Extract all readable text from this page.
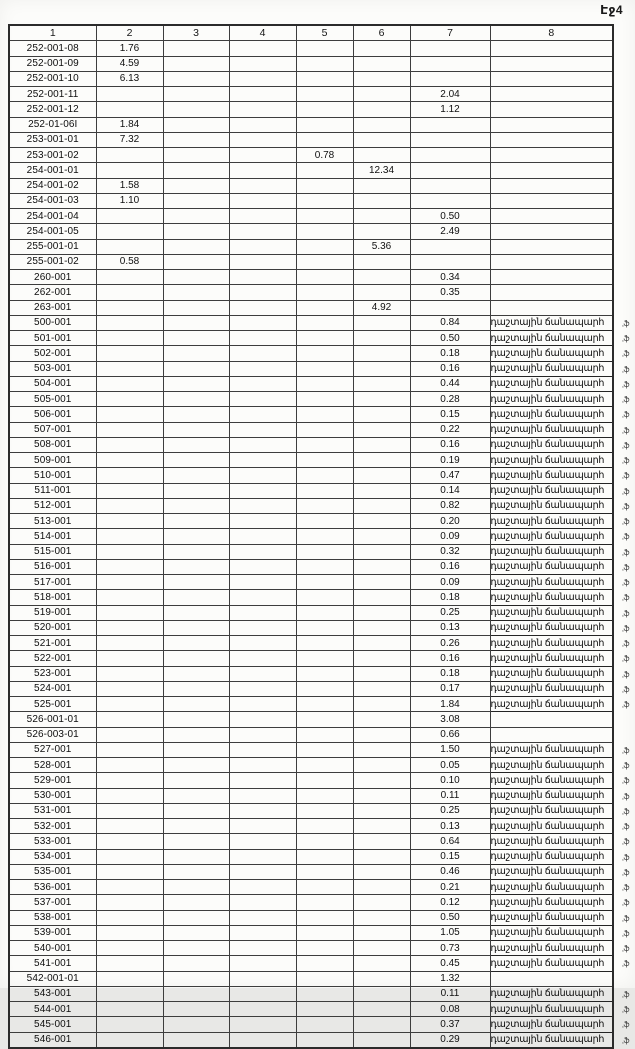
Էջ4
1	2	3	4	5	6	7	8
252-001-08	1.76						
252-001-09	4.59						
252-001-10	6.13						
252-001-11						2.04	
252-001-12						1.12	
252-01-06I	1.84						
253-001-01	7.32						
253-001-02				0.78			
254-001-01					12.34		
254-001-02	1.58						
254-001-03	1.10						
254-001-04						0.50	
254-001-05						2.49	
255-001-01					5.36		
255-001-02	0.58						
260-001						0.34	
262-001						0.35	
263-001					4.92		
500-001						0.84	դաշտային ճանապարհ ,ֆ

501-001						0.50	դաշտային ճանապարհ ,ֆ

502-001						0.18	դաշտային ճանապարհ ,ֆ

503-001						0.16	դաշտային ճանապարհ ,ֆ

504-001						0.44	դաշտային ճանապարհ ,ֆ

505-001						0.28	դաշտային ճանապարհ ,ֆ

506-001						0.15	դաշտային ճանապարհ ,ֆ

507-001						0.22	դաշտային ճանապարհ ,ֆ

508-001						0.16	դաշտային ճանապարհ ,ֆ

509-001						0.19	դաշտային ճանապարհ ,ֆ

510-001						0.47	դաշտային ճանապարհ ,ֆ

511-001						0.14	դաշտային ճանապարհ ,ֆ

512-001						0.82	դաշտային ճանապարհ ,ֆ

513-001						0.20	դաշտային ճանապարհ ,ֆ

514-001						0.09	դաշտային ճանապարհ ,ֆ

515-001						0.32	դաշտային ճանապարհ ,ֆ

516-001						0.16	դաշտային ճանապարհ ,ֆ

517-001						0.09	դաշտային ճանապարհ ,ֆ

518-001						0.18	դաշտային ճանապարհ ,ֆ

519-001						0.25	դաշտային ճանապարհ ,ֆ

520-001						0.13	դաշտային ճանապարհ ,ֆ

521-001						0.26	դաշտային ճանապարհ ,ֆ

522-001						0.16	դաշտային ճանապարհ ,ֆ

523-001						0.18	դաշտային ճանապարհ ,ֆ

524-001						0.17	դաշտային ճանապարհ ,ֆ

525-001						1.84	դաշտային ճանապարհ ,ֆ

526-001-01						3.08	
526-003-01						0.66	
527-001						1.50	դաշտային ճանապարհ ,ֆ

528-001						0.05	դաշտային ճանապարհ ,ֆ

529-001						0.10	դաշտային ճանապարհ ,ֆ

530-001						0.11	դաշտային ճանապարհ ,ֆ

531-001						0.25	դաշտային ճանապարհ ,ֆ

532-001						0.13	դաշտային ճանապարհ ,ֆ

533-001						0.64	դաշտային ճանապարհ ,ֆ

534-001						0.15	դաշտային ճանապարհ ,ֆ

535-001						0.46	դաշտային ճանապարհ ,ֆ

536-001						0.21	դաշտային ճանապարհ ,ֆ

537-001						0.12	դաշտային ճանապարհ ,ֆ

538-001						0.50	դաշտային ճանապարհ ,ֆ

539-001						1.05	դաշտային ճանապարհ ,ֆ

540-001						0.73	դաշտային ճանապարհ ,ֆ

541-001						0.45	դաշտային ճանապարհ ,ֆ

542-001-01						1.32	
543-001						0.11	դաշտային ճանապարհ ,ֆ

544-001						0.08	դաշտային ճանապարհ ,ֆ

545-001						0.37	դաշտային ճանապարհ ,ֆ

546-001						0.29	դաշտային ճանապարհ ,ֆ
